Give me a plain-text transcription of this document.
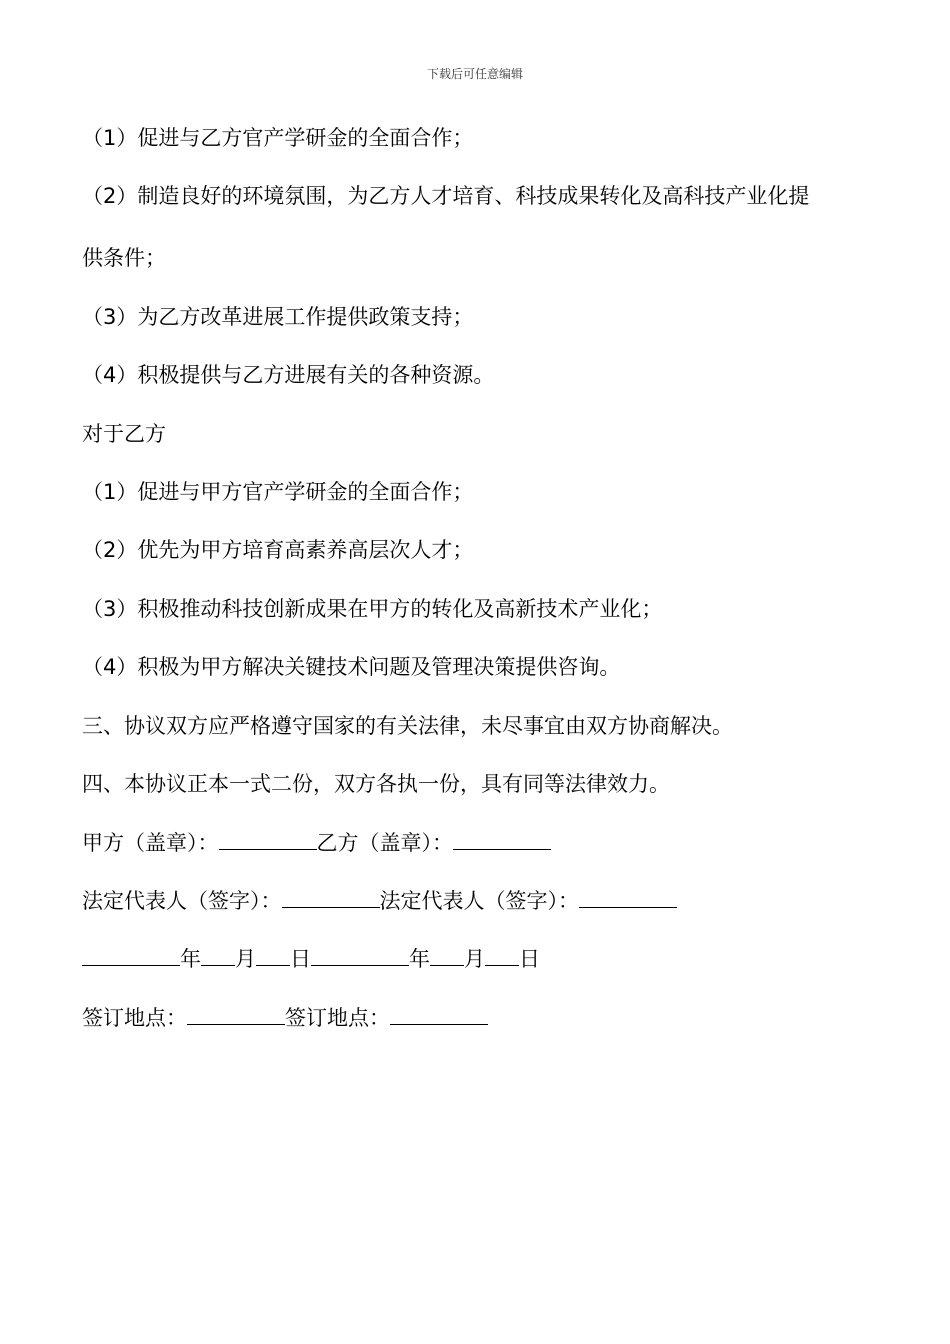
下载后可任意编辑
（1）促进与乙方官产学研金的全面合作；
（2）制造良好的环境氛围，为乙方人才培育、科技成果转化及高科技产业化提
供条件；
（3）为乙方改革进展工作提供政策支持；
（4）积极提供与乙方进展有关的各种资源。
对于乙方
（1）促进与甲方官产学研金的全面合作；
（2）优先为甲方培育高素养高层次人才；
（3）积极推动科技创新成果在甲方的转化及高新技术产业化；
（4）积极为甲方解决关键技术问题及管理决策提供咨询。
三、协议双方应严格遵守国家的有关法律，未尽事宜由双方协商解决。
四、本协议正本一式二份，双方各执一份，具有同等法律效力。
甲方（盖章）：	乙方（盖章）：
法定代表人（签字）：	法定代表人（签字）：
年 月 日	年 月 日
签订地点：	签订地点：
